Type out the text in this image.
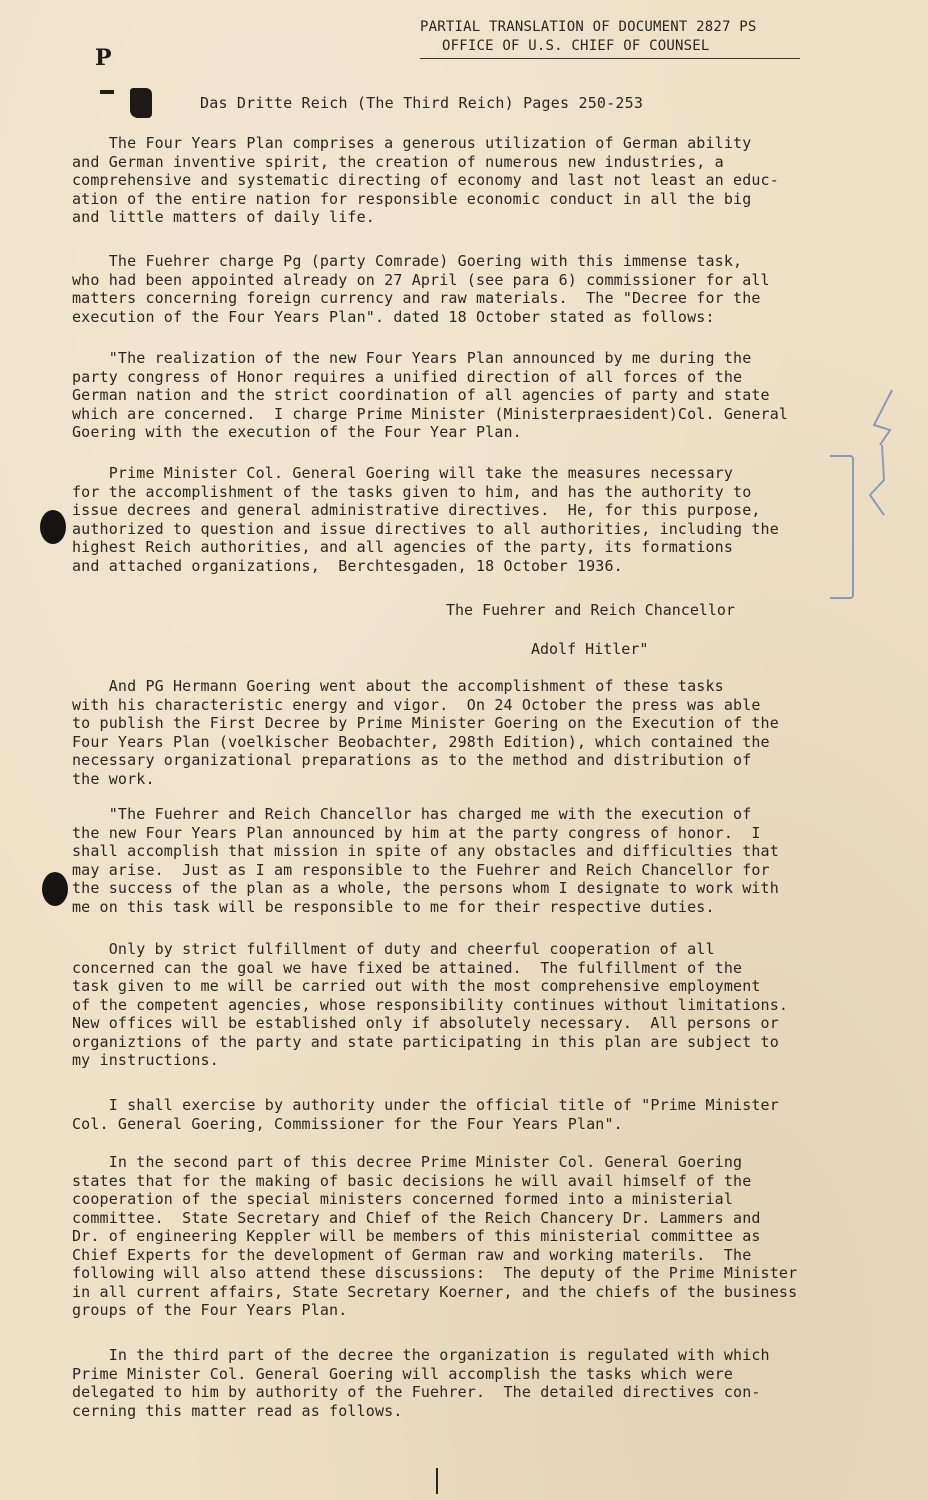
PARTIAL TRANSLATION OF DOCUMENT 2827 PS
OFFICE OF U.S. CHIEF OF COUNSEL
P
Das Dritte Reich (The Third Reich) Pages 250-253

The Four Years Plan comprises a generous utilization of German ability
and German inventive spirit, the creation of numerous new industries, a
comprehensive and systematic directing of economy and last not least an educ-
ation of the entire nation for responsible economic conduct in all the big
and little matters of daily life.

The Fuehrer charge Pg (party Comrade) Goering with this immense task,
who had been appointed already on 27 April (see para 6) commissioner for all
matters concerning foreign currency and raw materials.  The "Decree for the
execution of the Four Years Plan". dated 18 October stated as follows:

"The realization of the new Four Years Plan announced by me during the
party congress of Honor requires a unified direction of all forces of the
German nation and the strict coordination of all agencies of party and state
which are concerned.  I charge Prime Minister (Ministerpraesident)Col. General
Goering with the execution of the Four Year Plan.

Prime Minister Col. General Goering will take the measures necessary
for the accomplishment of the tasks given to him, and has the authority to
issue decrees and general administrative directives.  He, for this purpose,
authorized to question and issue directives to all authorities, including the
highest Reich authorities, and all agencies of the party, its formations
and attached organizations,  Berchtesgaden, 18 October 1936.

The Fuehrer and Reich Chancellor
Adolf Hitler"

And PG Hermann Goering went about the accomplishment of these tasks
with his characteristic energy and vigor.  On 24 October the press was able
to publish the First Decree by Prime Minister Goering on the Execution of the
Four Years Plan (voelkischer Beobachter, 298th Edition), which contained the
necessary organizational preparations as to the method and distribution of
the work.

"The Fuehrer and Reich Chancellor has charged me with the execution of
the new Four Years Plan announced by him at the party congress of honor.  I
shall accomplish that mission in spite of any obstacles and difficulties that
may arise.  Just as I am responsible to the Fuehrer and Reich Chancellor for
the success of the plan as a whole, the persons whom I designate to work with
me on this task will be responsible to me for their respective duties.

Only by strict fulfillment of duty and cheerful cooperation of all
concerned can the goal we have fixed be attained.  The fulfillment of the
task given to me will be carried out with the most comprehensive employment
of the competent agencies, whose responsibility continues without limitations.
New offices will be established only if absolutely necessary.  All persons or
organiztions of the party and state participating in this plan are subject to
my instructions.

I shall exercise by authority under the official title of "Prime Minister
Col. General Goering, Commissioner for the Four Years Plan".

In the second part of this decree Prime Minister Col. General Goering
states that for the making of basic decisions he will avail himself of the
cooperation of the special ministers concerned formed into a ministerial
committee.  State Secretary and Chief of the Reich Chancery Dr. Lammers and
Dr. of engineering Keppler will be members of this ministerial committee as
Chief Experts for the development of German raw and working materils.  The
following will also attend these discussions:  The deputy of the Prime Minister
in all current affairs, State Secretary Koerner, and the chiefs of the business
groups of the Four Years Plan.

In the third part of the decree the organization is regulated with which
Prime Minister Col. General Goering will accomplish the tasks which were
delegated to him by authority of the Fuehrer.  The detailed directives con-
cerning this matter read as follows.
